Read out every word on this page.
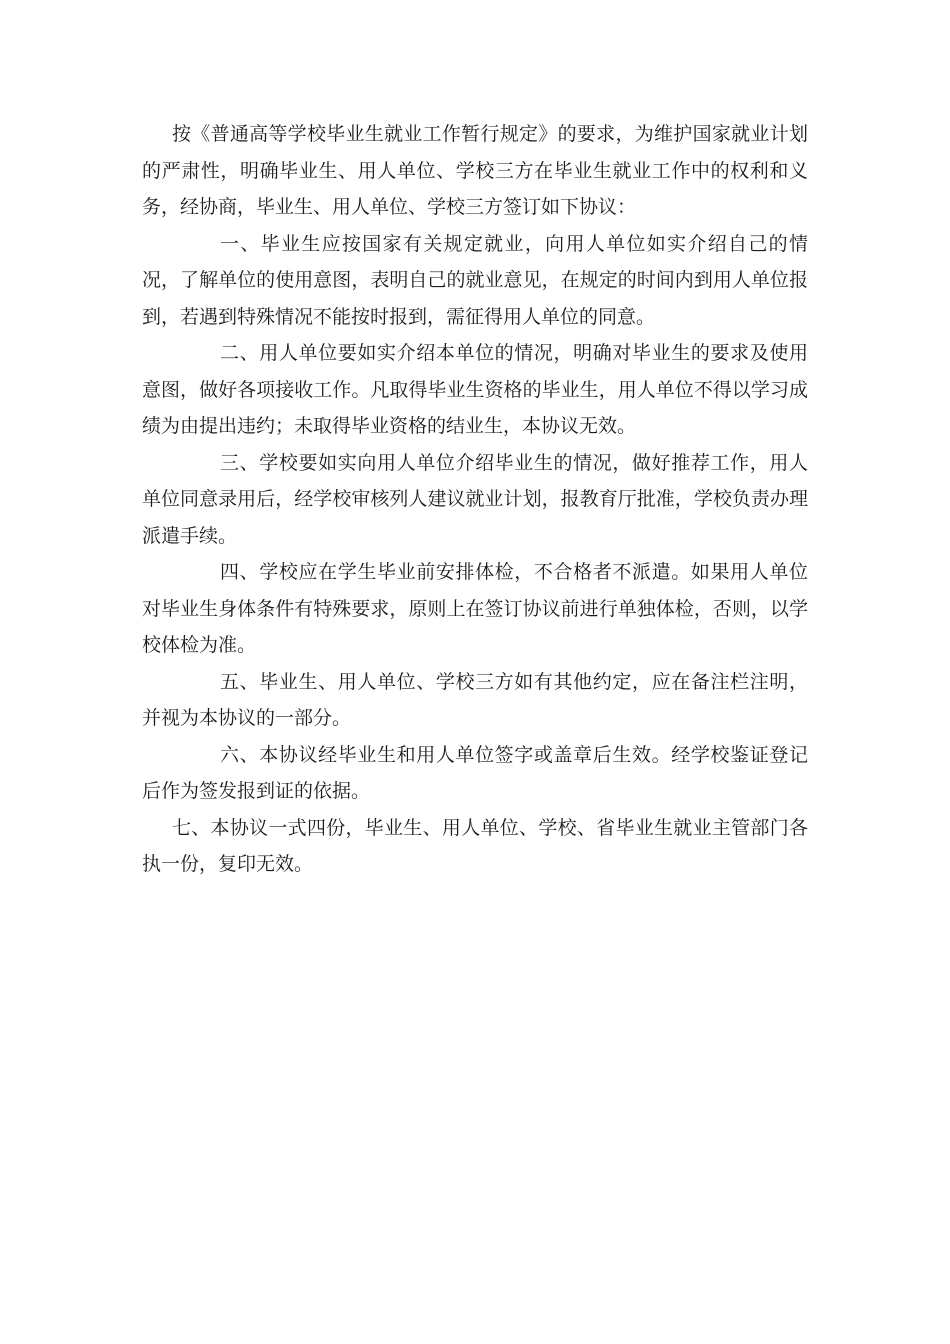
按《普通高等学校毕业生就业工作暂行规定》的要求，为维护国家就业计划的严肃性，明确毕业生、用人单位、学校三方在毕业生就业工作中的权利和义务，经协商，毕业生、用人单位、学校三方签订如下协议：

一、毕业生应按国家有关规定就业，向用人单位如实介绍自己的情况，了解单位的使用意图，表明自己的就业意见，在规定的时间内到用人单位报到，若遇到特殊情况不能按时报到，需征得用人单位的同意。

二、用人单位要如实介绍本单位的情况，明确对毕业生的要求及使用意图，做好各项接收工作。凡取得毕业生资格的毕业生，用人单位不得以学习成绩为由提出违约；未取得毕业资格的结业生，本协议无效。

三、学校要如实向用人单位介绍毕业生的情况，做好推荐工作，用人单位同意录用后，经学校审核列人建议就业计划，报教育厅批准，学校负责办理派遣手续。

四、学校应在学生毕业前安排体检，不合格者不派遣。如果用人单位对毕业生身体条件有特殊要求，原则上在签订协议前进行单独体检，否则，以学校体检为准。

五、毕业生、用人单位、学校三方如有其他约定，应在备注栏注明，并视为本协议的一部分。

六、本协议经毕业生和用人单位签字或盖章后生效。经学校鉴证登记后作为签发报到证的依据。

七、本协议一式四份，毕业生、用人单位、学校、省毕业生就业主管部门各执一份，复印无效。
